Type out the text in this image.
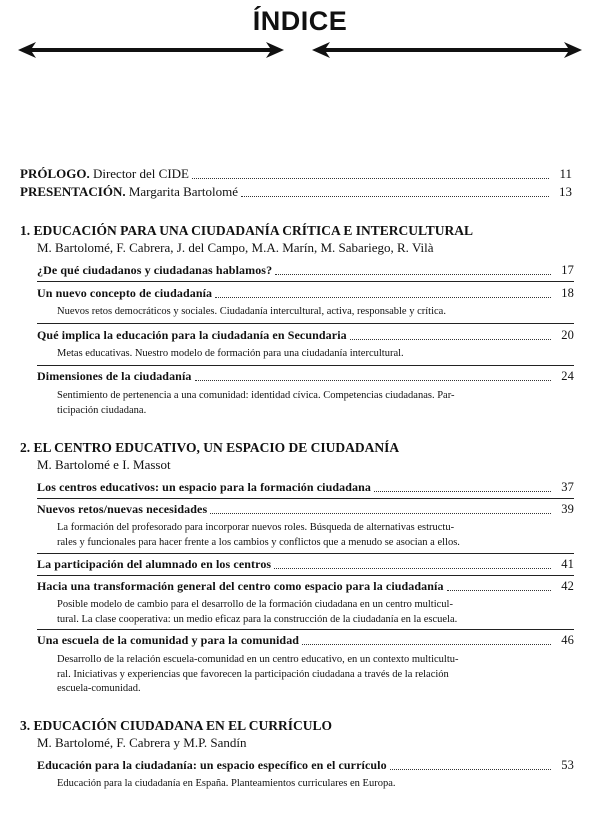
ÍNDICE
PRÓLOGO. Director del CIDE	11
PRESENTACIÓN. Margarita Bartolomé	13
1. EDUCACIÓN PARA UNA CIUDADANÍA CRÍTICA E INTERCULTURAL
M. Bartolomé, F. Cabrera, J. del Campo, M.A. Marín, M. Sabariego, R. Vilà
¿De qué ciudadanos y ciudadanas hablamos?	17
Un nuevo concepto de ciudadanía	18
Nuevos retos democráticos y sociales. Ciudadanía intercultural, activa, responsable y crítica.
Qué implica la educación para la ciudadanía en Secundaria	20
Metas educativas. Nuestro modelo de formación para una ciudadanía intercultural.
Dimensiones de la ciudadanía	24
Sentimiento de pertenencia a una comunidad: identidad cívica. Competencias ciudadanas. Par-
ticipación ciudadana.
2. EL CENTRO EDUCATIVO, UN ESPACIO DE CIUDADANÍA
M. Bartolomé e I. Massot
Los centros educativos: un espacio para la formación ciudadana	37
Nuevos retos/nuevas necesidades	39
La formación del profesorado para incorporar nuevos roles. Búsqueda de alternativas estructu-
rales y funcionales para hacer frente a los cambios y conflictos que a menudo se asocian a ellos.
La participación del alumnado en los centros	41
Hacia una transformación general del centro como espacio para la ciudadanía	42
Posible modelo de cambio para el desarrollo de la formación ciudadana en un centro multicul-
tural. La clase cooperativa: un medio eficaz para la construcción de la ciudadanía en la escuela.
Una escuela de la comunidad y para la comunidad	46
Desarrollo de la relación escuela-comunidad en un centro educativo, en un contexto multicultu-
ral. Iniciativas y experiencias que favorecen la participación ciudadana a través de la relación
escuela-comunidad.
3. EDUCACIÓN CIUDADANA EN EL CURRÍCULO
M. Bartolomé, F. Cabrera y M.P. Sandín
Educación para la ciudadanía: un espacio específico en el currículo	53
Educación para la ciudadanía en España. Planteamientos curriculares en Europa.
